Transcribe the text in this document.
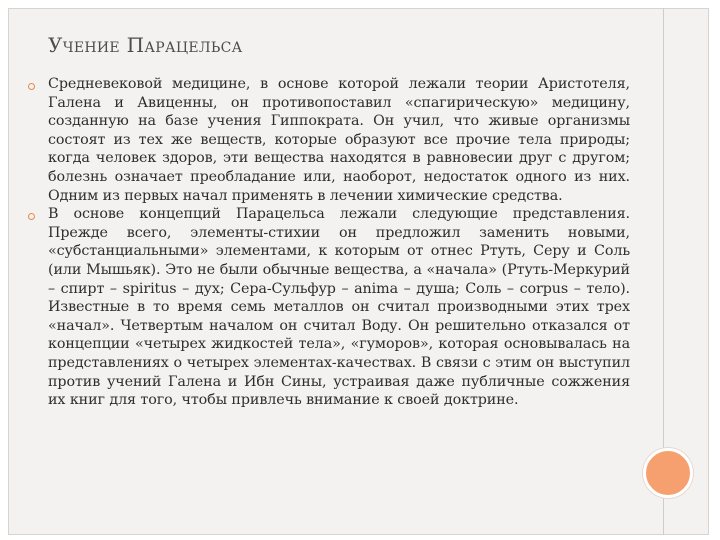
Учение Парацельса

Средневековой медицине, в основе которой лежали теории Аристотеля, Галена и Авиценны, он противопоставил «спагирическую» медицину, созданную на базе учения Гиппократа. Он учил, что живые организмы состоят из тех же веществ, которые образуют все прочие тела природы; когда человек здоров, эти вещества находятся в равновесии друг с другом; болезнь означает преобладание или, наоборот, недостаток одного из них. Одним из первых начал применять в лечении химические средства.

В основе концепций Парацельса лежали следующие представления. Прежде всего, элементы-стихии он предложил заменить новыми, «субстанциальными» элементами, к которым от отнес Ртуть, Серу и Соль (или Мышьяк). Это не были обычные вещества, а «начала» (Ртуть-Меркурий – спирт – spiritus – дух; Сера-Сульфур – anima – душа; Соль – corpus – тело). Известные в то время семь металлов он считал производными этих трех «начал». Четвертым началом он считал Воду. Он решительно отказался от концепции «четырех жидкостей тела», «гуморов», которая основывалась на представлениях о четырех элементах-качествах. В связи с этим он выступил против учений Галена и Ибн Сины, устраивая даже публичные сожжения их книг для того, чтобы привлечь внимание к своей доктрине.
